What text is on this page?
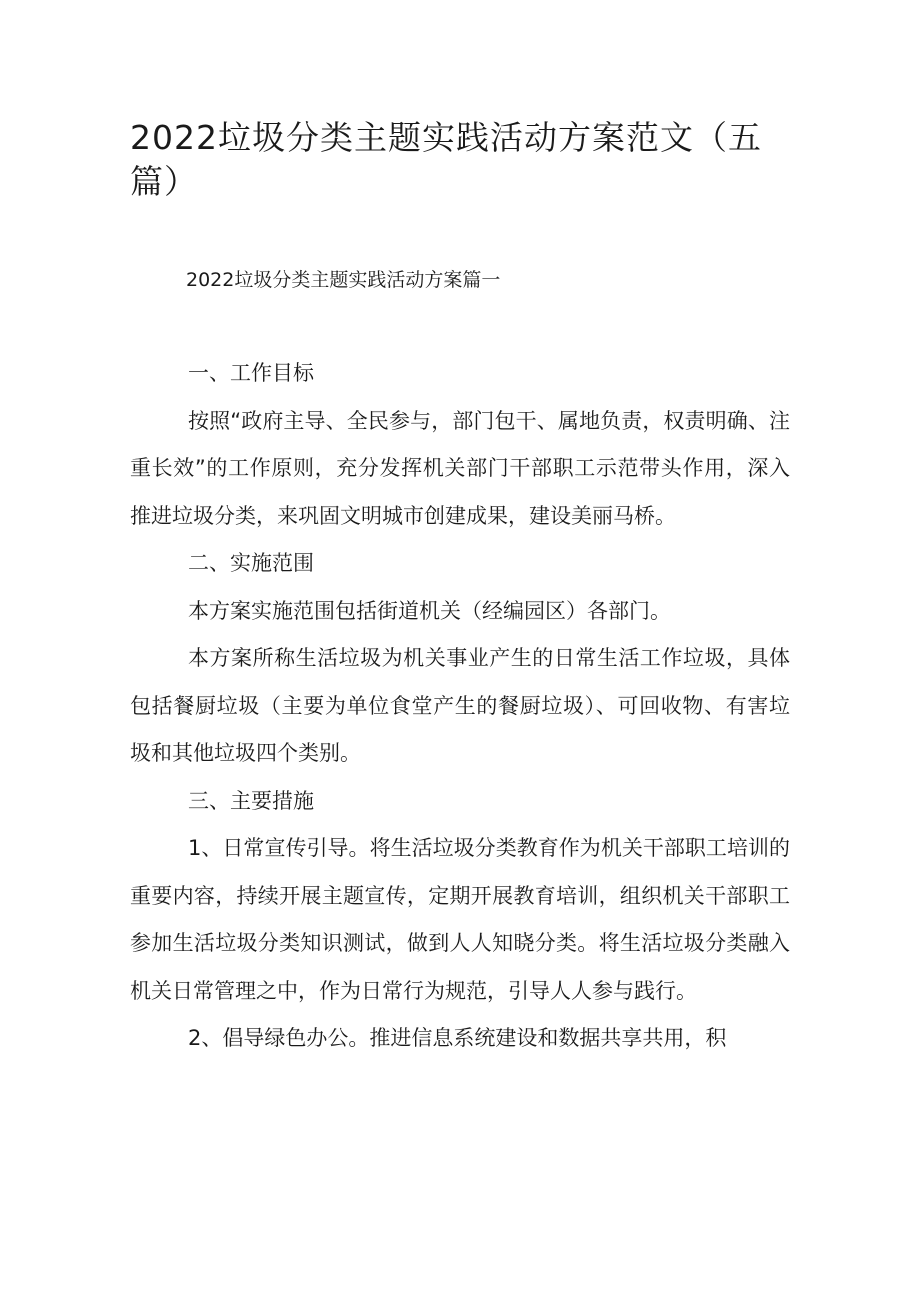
2022垃圾分类主题实践活动方案范文（五篇）

2022垃圾分类主题实践活动方案篇一

一、工作目标

按照“政府主导、全民参与，部门包干、属地负责，权责明确、注重长效”的工作原则，充分发挥机关部门干部职工示范带头作用，深入推进垃圾分类，来巩固文明城市创建成果，建设美丽马桥。

二、实施范围

本方案实施范围包括街道机关（经编园区）各部门。

本方案所称生活垃圾为机关事业产生的日常生活工作垃圾，具体包括餐厨垃圾（主要为单位食堂产生的餐厨垃圾）、可回收物、有害垃圾和其他垃圾四个类别。

三、主要措施

1、日常宣传引导。将生活垃圾分类教育作为机关干部职工培训的重要内容，持续开展主题宣传，定期开展教育培训，组织机关干部职工参加生活垃圾分类知识测试，做到人人知晓分类。将生活垃圾分类融入机关日常管理之中，作为日常行为规范，引导人人参与践行。

2、倡导绿色办公。推进信息系统建设和数据共享共用，积
